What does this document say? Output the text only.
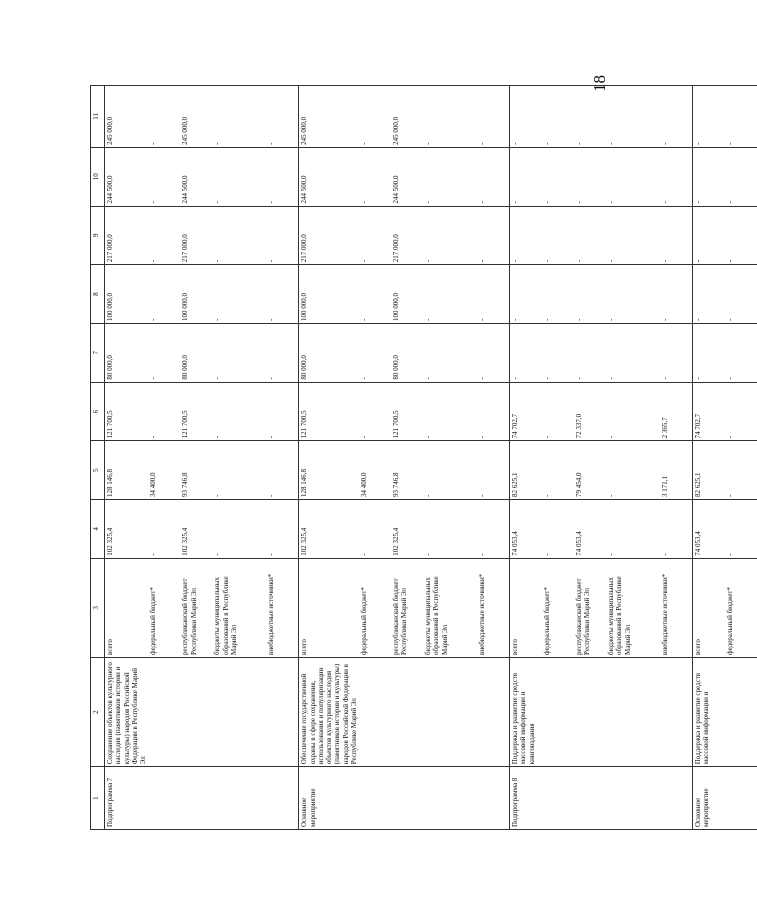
18
1	2	3	4	5	6	7	8	9	10	11
Подпрограмма 7	Сохранение объектов культурного наследия (памятников истории и культуры) народов Российской Федерации в Республике Марий Эл	всего	102 325,4	128 146,8	121 700,5	80 000,0	100 000,0	217 000,0	244 500,0	245 000,0
		федеральный бюджет*	-	34 400,0	-	-	-	-	-	-
		республиканский бюджет Республики Марий Эл	102 325,4	93 746,8	121 700,5	80 000,0	100 000,0	217 000,0	244 500,0	245 000,0
		бюджеты муниципальных образований в Республике Марий Эл	-	-	-	-	-	-	-	-
		внебюджетные источники*	-	-	-	-	-	-	-	-
Основное мероприятие	Обеспечение государственной охраны в сфере сохранения, использования и популяризации объектов культурного наследия (памятников истории и культуры) народов Российской Федерации в Республике Марий Эл	всего	102 325,4	128 146,8	121 700,5	80 000,0	100 000,0	217 000,0	244 500,0	245 000,0
		федеральный бюджет*	-	34 400,0	-	-	-	-	-	-
		республиканский бюджет Республики Марий Эл	102 325,4	93 746,8	121 700,5	80 000,0	100 000,0	217 000,0	244 500,0	245 000,0
		бюджеты муниципальных образований в Республике Марий Эл	-	-	-	-	-	-	-	-
		внебюджетные источники*	-	-	-	-	-	-	-	-
Подпрограмма 8	Поддержка и развитие средств массовой информации и книгоиздания	всего	74 053,4	82 625,1	74 702,7	-	-	-	-	-
		федеральный бюджет*	-	-	-	-	-	-	-	-
		республиканский бюджет Республики Марий Эл	74 053,4	79 454,0	72 337,0	-	-	-	-	-
		бюджеты муниципальных образований в Республике Марий Эл	-	-	-	-	-	-	-	-
		внебюджетные источники*	-	3 171,1	2 365,7	-	-	-	-	-
Основное мероприятие	Поддержка и развитие средств массовой информации и	всего	74 053,4	82 625,1	74 702,7	-	-	-	-	-
		федеральный бюджет*	-	-	-	-	-	-	-	-
